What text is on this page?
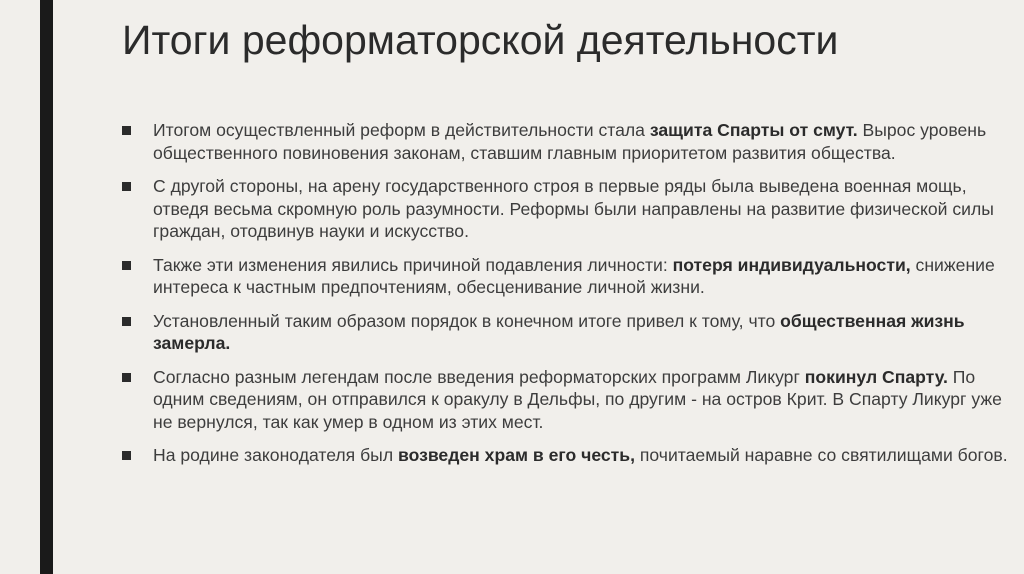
Итоги реформаторской деятельности
Итогом осуществленный реформ в действительности стала защита Спарты от смут. Вырос уровень общественного повиновения законам, ставшим главным приоритетом развития общества.
С другой стороны, на арену государственного строя в первые ряды была выведена военная мощь, отведя весьма скромную роль разумности. Реформы были направлены на развитие физической силы граждан, отодвинув науки и искусство.
Также эти изменения явились причиной подавления личности: потеря индивидуальности, снижение интереса к частным предпочтениям, обесценивание личной жизни.
Установленный таким образом порядок в конечном итоге привел к тому, что общественная жизнь замерла.
Согласно разным легендам после введения реформаторских программ Ликург покинул Спарту. По одним сведениям, он отправился к оракулу в Дельфы, по другим - на остров Крит. В Спарту Ликург уже не вернулся, так как умер в одном из этих мест.
На родине законодателя был возведен храм в его честь, почитаемый наравне со святилищами богов.
